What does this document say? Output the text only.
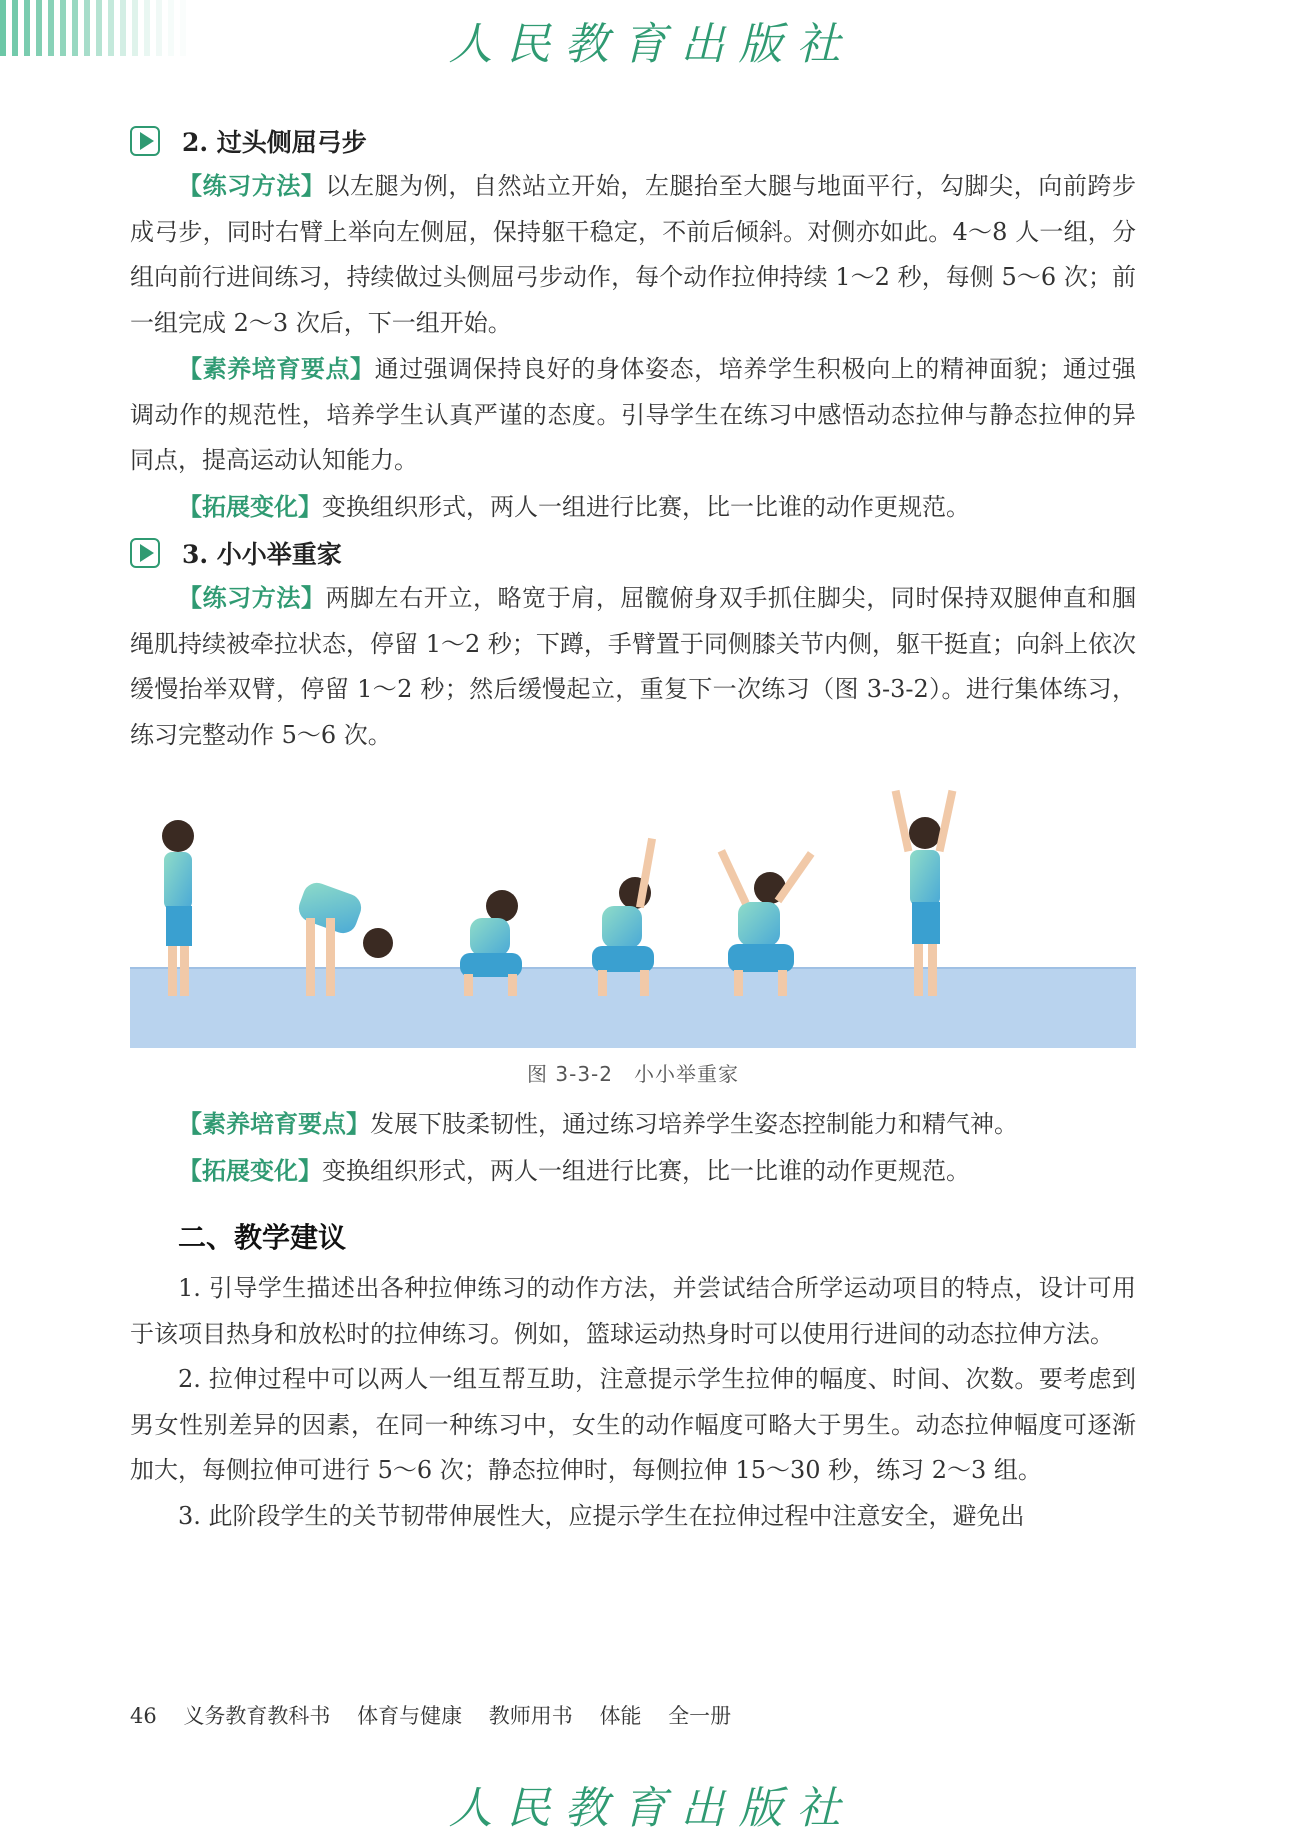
人民教育出版社
2. 过头侧屈弓步

【练习方法】以左腿为例，自然站立开始，左腿抬至大腿与地面平行，勾脚尖，向前跨步成弓步，同时右臂上举向左侧屈，保持躯干稳定，不前后倾斜。对侧亦如此。4～8 人一组，分组向前行进间练习，持续做过头侧屈弓步动作，每个动作拉伸持续 1～2 秒，每侧 5～6 次；前一组完成 2～3 次后，下一组开始。

【素养培育要点】通过强调保持良好的身体姿态，培养学生积极向上的精神面貌；通过强调动作的规范性，培养学生认真严谨的态度。引导学生在练习中感悟动态拉伸与静态拉伸的异同点，提高运动认知能力。

【拓展变化】变换组织形式，两人一组进行比赛，比一比谁的动作更规范。

3. 小小举重家

【练习方法】两脚左右开立，略宽于肩，屈髋俯身双手抓住脚尖，同时保持双腿伸直和腘绳肌持续被牵拉状态，停留 1～2 秒；下蹲，手臂置于同侧膝关节内侧，躯干挺直；向斜上依次缓慢抬举双臂，停留 1～2 秒；然后缓慢起立，重复下一次练习（图 3-3-2）。进行集体练习，练习完整动作 5～6 次。

图 3-3-2　小小举重家

【素养培育要点】发展下肢柔韧性，通过练习培养学生姿态控制能力和精气神。

【拓展变化】变换组织形式，两人一组进行比赛，比一比谁的动作更规范。

二、教学建议

1. 引导学生描述出各种拉伸练习的动作方法，并尝试结合所学运动项目的特点，设计可用于该项目热身和放松时的拉伸练习。例如，篮球运动热身时可以使用行进间的动态拉伸方法。

2. 拉伸过程中可以两人一组互帮互助，注意提示学生拉伸的幅度、时间、次数。要考虑到男女性别差异的因素，在同一种练习中，女生的动作幅度可略大于男生。动态拉伸幅度可逐渐加大，每侧拉伸可进行 5～6 次；静态拉伸时，每侧拉伸 15～30 秒，练习 2～3 组。

3. 此阶段学生的关节韧带伸展性大，应提示学生在拉伸过程中注意安全，避免出

46 义务教育教科书 体育与健康 教师用书 体能 全一册
人民教育出版社
